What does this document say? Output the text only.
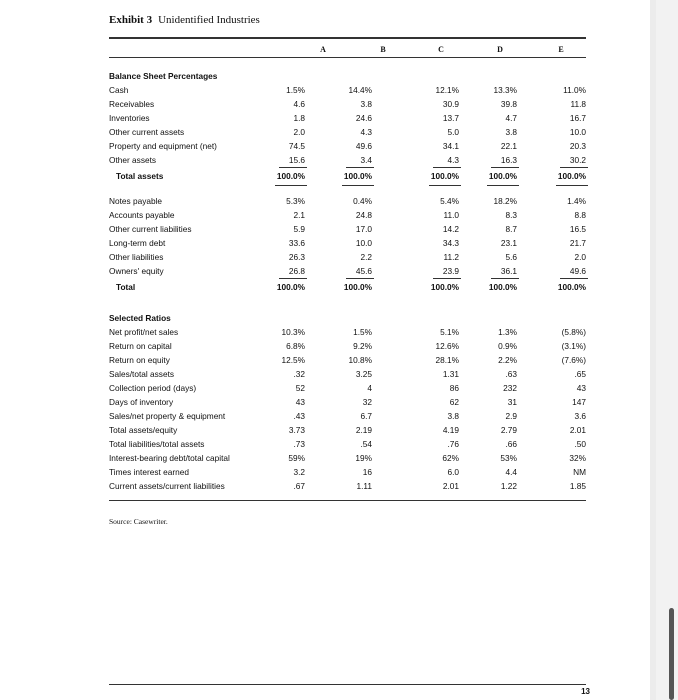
Exhibit 3 Unidentified Industries
A	B	C	D	E
Balance Sheet Percentages
Cash	1.5%	14.4%	12.1%	13.3%	11.0%
Receivables	4.6	3.8	30.9	39.8	11.8
Inventories	1.8	24.6	13.7	4.7	16.7
Other current assets	2.0	4.3	5.0	3.8	10.0
Property and equipment (net)	74.5	49.6	34.1	22.1	20.3
Other assets	15.6	3.4	4.3	16.3	30.2
Total assets	100.0%	100.0%	100.0%	100.0%	100.0%
Notes payable	5.3%	0.4%	5.4%	18.2%	1.4%
Accounts payable	2.1	24.8	11.0	8.3	8.8
Other current liabilities	5.9	17.0	14.2	8.7	16.5
Long-term debt	33.6	10.0	34.3	23.1	21.7
Other liabilities	26.3	2.2	11.2	5.6	2.0
Owners' equity	26.8	45.6	23.9	36.1	49.6
Total	100.0%	100.0%	100.0%	100.0%	100.0%
Selected Ratios
Net profit/net sales	10.3%	1.5%	5.1%	1.3%	(5.8%)
Return on capital	6.8%	9.2%	12.6%	0.9%	(3.1%)
Return on equity	12.5%	10.8%	28.1%	2.2%	(7.6%)
Sales/total assets	.32	3.25	1.31	.63	.65
Collection period (days)	52	4	86	232	43
Days of inventory	43	32	62	31	147
Sales/net property & equipment	.43	6.7	3.8	2.9	3.6
Total assets/equity	3.73	2.19	4.19	2.79	2.01
Total liabilities/total assets	.73	.54	.76	.66	.50
Interest-bearing debt/total capital	59%	19%	62%	53%	32%
Times interest earned	3.2	16	6.0	4.4	NM
Current assets/current liabilities	.67	1.11	2.01	1.22	1.85
Source: Casewriter.
13
